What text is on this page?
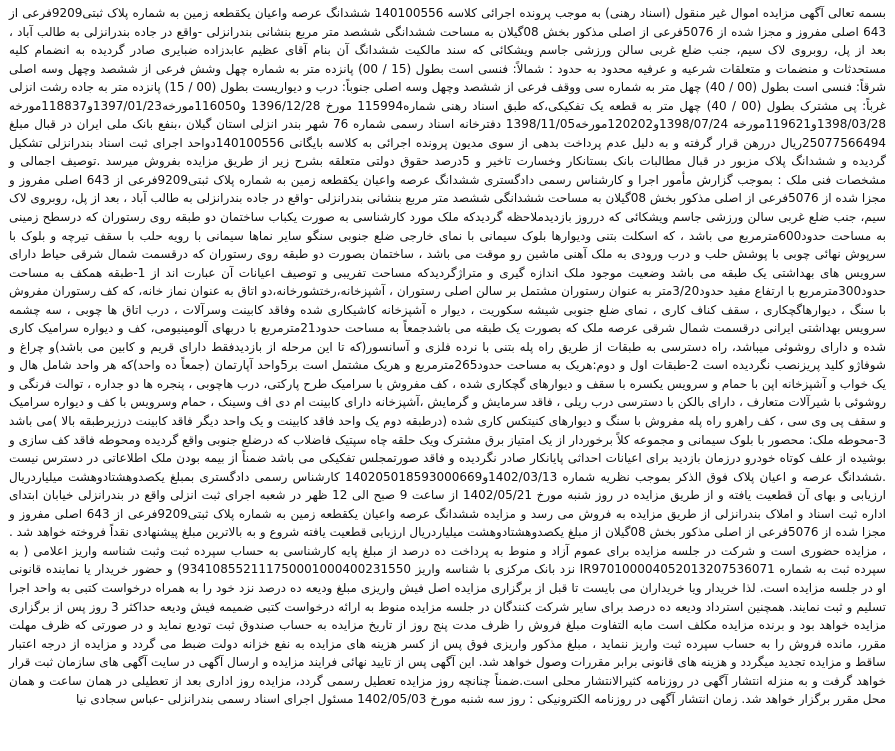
بسمه تعالی آگهی مزایده اموال غیر منقول (اسناد رهنی) به موجب پرونده اجرائی کلاسه 140100556 ششدانگ عرصه واعیان یکقطعه زمین به شماره پلاک ثبتی9209فرعی از 643 اصلی مفروز و مجزا شده از 5076فرعی از اصلی مذکور بخش 08گیلان به مساحت ششدانگی ششصد متر مربع بنشانی بندرانزلی -واقع در جاده بندرانزلی به طالب آباد ، بعد از پل، روبروی لاک سیم، جنب ضلع غربی سالن ورزشی جاسم ویشکائی که سند مالکیت ششدانگ آن بنام آقای عظیم عابدزاده ضبایری صادر گردیده به انضمام کلیه مستحدثات و منضمات و متعلقات شرعیه و عرفیه محدود به حدود : شمالاً: فنسی است بطول (15 / 00) پانزده متر به شماره چهل وشش فرعی از ششصد وچهل وسه اصلی شرقاً: فنسی است بطول (00 / 40) چهل متر به شماره سی ووقف فرعی از ششصد وچهل وسه اصلی جنوباً: درب و دیواریست بطول (00 / 15) پانزده متر به جاده رشت انزلی غرباً: پی مشترک بطول (00 / 40) چهل متر به قطعه یک تفکیکی،که طبق اسناد رهنی شماره115994 مورخ 1396/12/28 و116050مورخه1397/01/23و118837مورخه 1398/03/28و119621مورخه 1398/07/24و120202مورخه1398/11/05 دفترخانه اسناد رسمی شماره 76 شهر بندر انزلی استان گیلان ،بنفع بانک ملی ایران در قبال مبلغ 25077566494ریال دررهن قرار گرفته و به دلیل عدم پرداخت بدهی از سوی مدیون پرونده اجرائی به کلاسه بایگانی 140100556دواحد اجرای ثبت اسناد بندرانزلی تشکیل گردیده و ششدانگ پلاک مزبور در قبال مطالبات بانک بستانکار وخسارت تاخیر و 5درصد حقوق دولتی متعلقه بشرح زیر از طریق مزایده بفروش میرسد .توصیف اجمالی و مشخصات فنی ملک : بموجب گزارش مأمور اجرا و کارشناس رسمی دادگستری ششدانگ عرصه واعیان یکقطعه زمین به شماره پلاک ثبتی9209فرعی از 643 اصلی مفروز و مجزا شده از 5076فرعی از اصلی مذکور بخش 08گیلان به مساحت ششدانگی ششصد متر مربع بنشانی بندرانزلی -واقع در جاده بندرانزلی به طالب آباد ، بعد از پل، روبروی لاک سیم، جنب ضلع غربی سالن ورزشی جاسم ویشکائی که درروز بازدیدملاحظه گردیدکه ملک مورد کارشناسی به صورت یکباب ساختمان دو طبقه روی رستوران که درسطح زمینی به مساحت حدود600مترمربع می باشد ، که اسکلت بتنی ودیوارها بلوک سیمانی با نمای خارجی ضلع جنوبی سنگو سایر نماها سیمانی با رویه حلب با سقف تیرچه و بلوک با سرپوش نهائی چوبی با پوشش حلب و درب ورودی به ملک آهنی ماشین رو موقت می باشد ، ساختمان بصورت دو طبقه روی رستوران که درقسمت شمال شرقی حیاط دارای سرویس های بهداشتی یک طبقه می باشد وضعیت موجود ملک اندازه گیری و متراژگردیدکه مساحت تفریبی و توصیف اعیانات آن عبارت اند از 1-طبقه همکف به مساحت حدود300مترمربع با ارتفاع مفید حدود3/20متر به عنوان رستوران مشتمل بر سالن اصلی رستوران ، آشپزخانه،رختشورخانه،دو اتاق به عنوان نماز خانه، که کف رستوران مفروش با سنگ ، دیوارهاگچکاری ، سقف کناف کاری ، نمای ضلع جنوبی شیشه سکوریت ، دیوار ه آشپزخانه کاشیکاری شده وفاقد کابینت وسرآلات ، درب اتاق ها چوبی ، سه چشمه سرویس بهداشتی ایرانی درقسمت شمال شرقی عرصه ملک که بصورت یک طبقه می باشدجمعاً به مساحت حدود21مترمربع با دربهای آلومینیومی، کف و دیواره سرامیک کاری شده و دارای روشوئی میباشد، راه دسترسی به طبقات از طریق راه پله بتنی با نرده فلزی و آسانسور(که تا این مرحله از بازدیدفقط دارای قریم و کابین می باشد)و چراغ و شوفاژو کلید پریزنصب نگردیده است 2-طبقات اول و دوم:هریک به مساحت حدود265مترمربع و هریک مشتمل است بر5واحد آپارتمان (جمعاً ده واحد)که هر واحد شامل هال و یک خواب و آشپزخانه اپن با حمام و سرویس یکسره با سقف و دیوارهای گچکاری شده ، کف مفروش با سرامیک طرح پارکتی، درب هاچوبی ، پنجره ها دو جداره ، توالت فرنگی و روشوئی با شیرآلات متعارف ، دارای بالکن با دسترسی درب ریلی ، فاقد سرمایش و گرمایش ،آشپزخانه دارای کابینت ام دی اف وسینک ، حمام وسرویس با کف و دیواره سرامیک و سقف پی وی سی ، کف راهرو راه پله مفروش با سنگ و دیوارهای کنیتکس کاری شده (درطبقه دوم یک واحد فاقد کابینت و یک واحد دیگر فاقد کابینت درزیرطبقه بالا )می باشد 3-محوطه ملک: محصور با بلوک سیمانی و مجموعه کلاً برخوردار از یک امتیاز برق مشترک ویک حلقه چاه سپتیک فاضلاب که درضلع جنوبی واقع گردیده ومحوطه فاقد کف سازی و بوشیده از علف کوتاه خودرو درزمان بازدید برای اعیانات احداثی پایانکار صادر نگردیده و فاقد صورتمجلس تفکیکی می باشد ضمناً از بیمه بودن ملک اطلاعاتی در دسترس نیست .ششدانگ عرصه و اعیان پلاک فوق الذکر بموجب نظریه شماره 1402/03/13و140205018593000669 کارشناس رسمی دادگستری بمبلغ یکصدوهشتادوهشت میلیاردریال ارزیابی و بهای آن قطعیت یافته و از طریق مزایده در روز شنبه مورخ 1402/05/21 از ساعت 9 صبح الی 12 ظهر در شعبه اجرای ثبت انزلی واقع در بندرانزلی خیابان ابتدای اداره ثبت اسناد و املاک بندرانزلی از طریق مزایده به فروش می رسد و مزایده ششدانگ عرصه واعیان یکقطعه زمین به شماره پلاک ثبتی9209فرعی از 643 اصلی مفروز و مجزا شده از 5076فرعی از اصلی مذکور بخش 08گیلان از مبلغ یکصدوهشتادوهشت میلیاردریال ارزیابی قطعیت یافته شروع و به بالاترین مبلغ پیشنهادی نقداً فروخته خواهد شد . ، مزایده حضوری است و شرکت در جلسه مزایده برای عموم آزاد و منوط به پرداخت ده درصد از مبلغ پایه کارشناسی به حساب سپرده ثبت وثبت شناسه واریز اعلامی ( به سپرده ثبت به شماره IR970100004052013207536071 نزد بانک مرکزی با شناسه واریز 934108552111750001000400231550) و حضور خریدار یا نماینده قانونی او در جلسه مزایده است. لذا خریدار ویا خریداران می بایست تا قبل از برگزاری مزایده اصل فیش واریزی مبلغ ودیعه ده درصد نزد خود را به همراه درخواست کتبی به واحد اجرا تسلیم و ثبت نمایند. همچنین استرداد ودیعه ده درصد برای سایر شرکت کنندگان در جلسه مزایده منوط به ارائه درخواست کتبی ضمیمه فیش ودیعه حداکثر 3 روز پس از برگزاری مزایده خواهد بود و برنده مزایده مکلف است مابه التفاوت مبلغ فروش را ظرف مدت پنج روز از تاریخ مزایده به حساب صندوق ثبت توديع نمايد و در صورتی که ظرف مهلت مقرر، مانده فروش را به حساب سپرده ثبت واریز ننماید ، مبلغ مذکور واریزی فوق پس از کسر هزینه های مزایده به نفع خزانه دولت ضبط می گردد و مزایده از درجه اعتبار ساقط و مزایده تجدید میگردد و هزینه های قانونی برابر مقررات وصول خواهد شد. این آگهی پس از تایید نهائی فرایند مزایده و ارسال آگهی در سایت آگهی های سازمان ثبت قرار خواهد گرفت و به منزله انتشار آگهی در روزنامه کثیرالانتشار محلی است.ضمناً چنانچه روز مزایده تعطیل رسمی گردد، مزایده روز اداری بعد از تعطیلی در همان ساعت و همان محل مقرر برگزار خواهد شد. زمان انتشار آگهی در روزنامه الکترونیکی : روز سه شنبه مورخ 1402/05/03 مسئول اجرای اسناد رسمی بندرانزلی -عباس سجادی نیا
